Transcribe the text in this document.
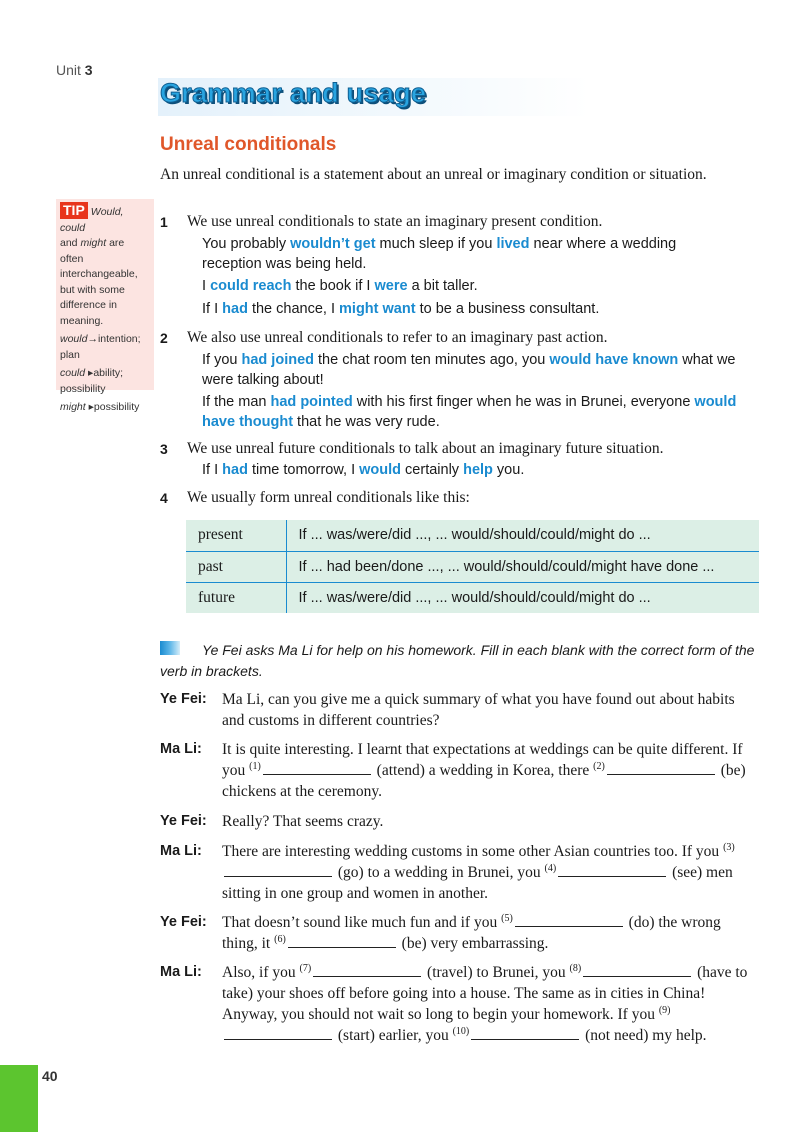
Unit 3
Grammar and usage
Unreal conditionals
An unreal conditional is a statement about an unreal or imaginary condition or situation.
TIP Would, could
and might are often interchangeable, but with some difference in meaning.
would→intention; plan
could ▸ability; possibility
might ▸possibility
1 We use unreal conditionals to state an imaginary present condition.
You probably wouldn’t get much sleep if you lived near where a wedding reception was being held.
I could reach the book if I were a bit taller.
If I had the chance, I might want to be a business consultant.
2 We also use unreal conditionals to refer to an imaginary past action.
If you had joined the chat room ten minutes ago, you would have known what we were talking about!
If the man had pointed with his first finger when he was in Brunei, everyone would have thought that he was very rude.
3 We use unreal future conditionals to talk about an imaginary future situation.
If I had time tomorrow, I would certainly help you.
4 We usually form unreal conditionals like this:
present	If ... was/were/did ..., ... would/should/could/might do ...
past	If ... had been/done ..., ... would/should/could/might have done ...
future	If ... was/were/did ..., ... would/should/could/might do ...
Ye Fei asks Ma Li for help on his homework. Fill in each blank with the correct form of the verb in brackets.
Ye Fei: Ma Li, can you give me a quick summary of what you have found out about habits and customs in different countries?
Ma Li: It is quite interesting. I learnt that expectations at weddings can be quite different. If you $^{(1)}$	(attend) a wedding in Korea, there $^{(2)}$	(be) chickens at the ceremony.
Ye Fei: Really? That seems crazy.
Ma Li: There are interesting wedding customs in some other Asian countries too. If you $^{(3)}$ (go) to a wedding in Brunei, you $^{(4)}$	(see) men sitting in one group and women in another.
Ye Fei: That doesn’t sound like much fun and if you $^{(5)}$	(do) the wrong thing, it $^{(6)}$	(be) very embarrassing.
Ma Li: Also, if you $^{(7)}$	(travel) to Brunei, you $^{(8)}$	(have to take) your shoes off before going into a house. The same as in cities in China! Anyway, you should not wait so long to begin your homework. If you $^{(9)}$ (start) earlier, you $^{(10)}$	(not need) my help.
40
